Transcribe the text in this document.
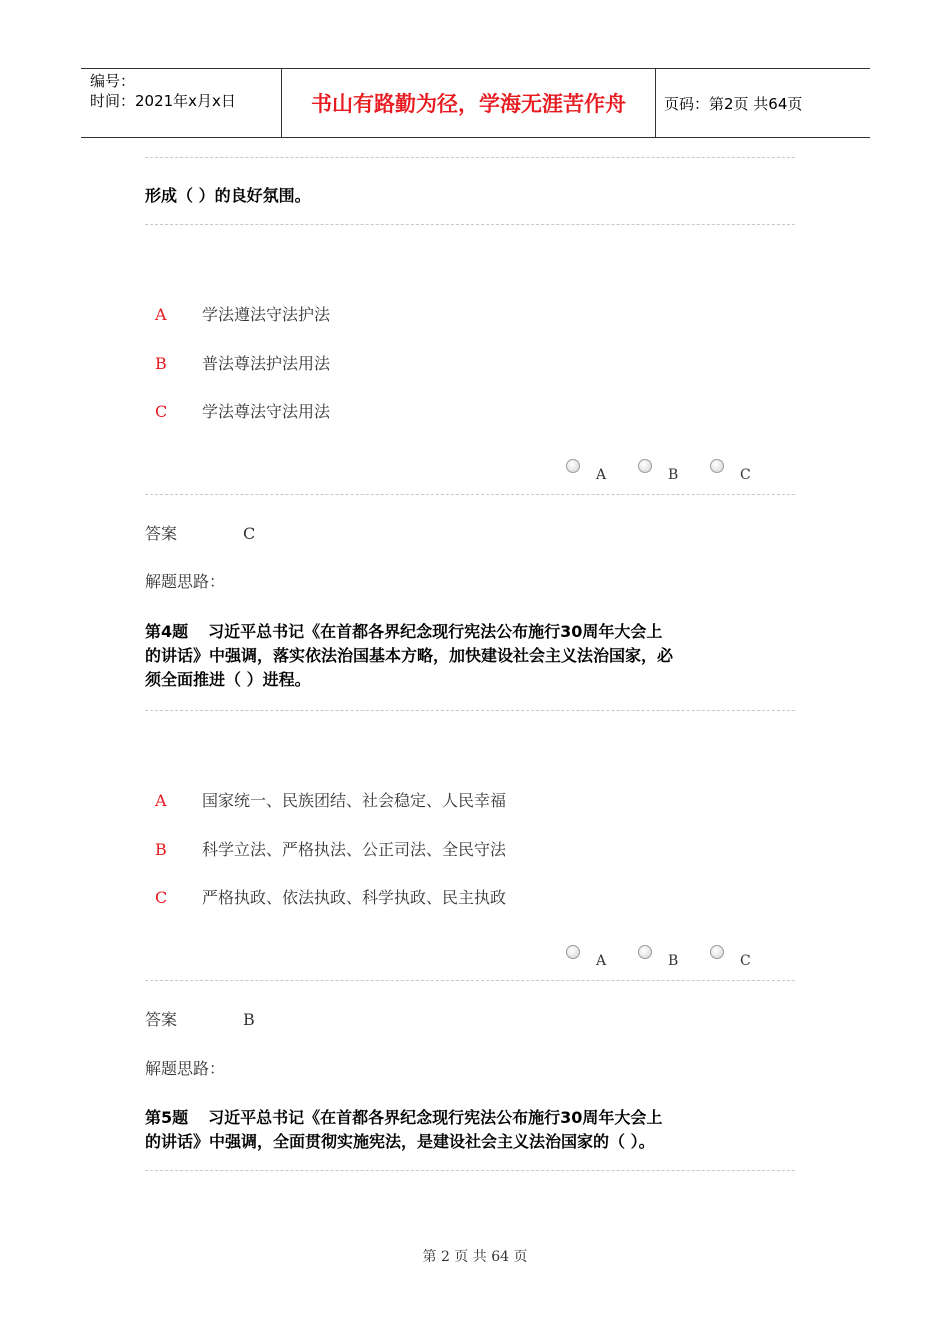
编号：
时间：2021年x月x日	书山有路勤为径，学海无涯苦作舟	页码：第2页 共64页
形成（ ）的良好氛围。
A 学法遵法守法护法
B 普法尊法护法用法
C 学法尊法守法用法
A	B	C
答案	C
解题思路：
第4题 习近平总书记《在首都各界纪念现行宪法公布施行30周年大会上
的讲话》中强调，落实依法治国基本方略，加快建设社会主义法治国家，必
须全面推进（ ）进程。
A 国家统一、民族团结、社会稳定、人民幸福
B 科学立法、严格执法、公正司法、全民守法
C 严格执政、依法执政、科学执政、民主执政
A	B	C
答案	B
解题思路：
第5题 习近平总书记《在首都各界纪念现行宪法公布施行30周年大会上
的讲话》中强调，全面贯彻实施宪法，是建设社会主义法治国家的（ ）。
第 2 页 共 64 页
